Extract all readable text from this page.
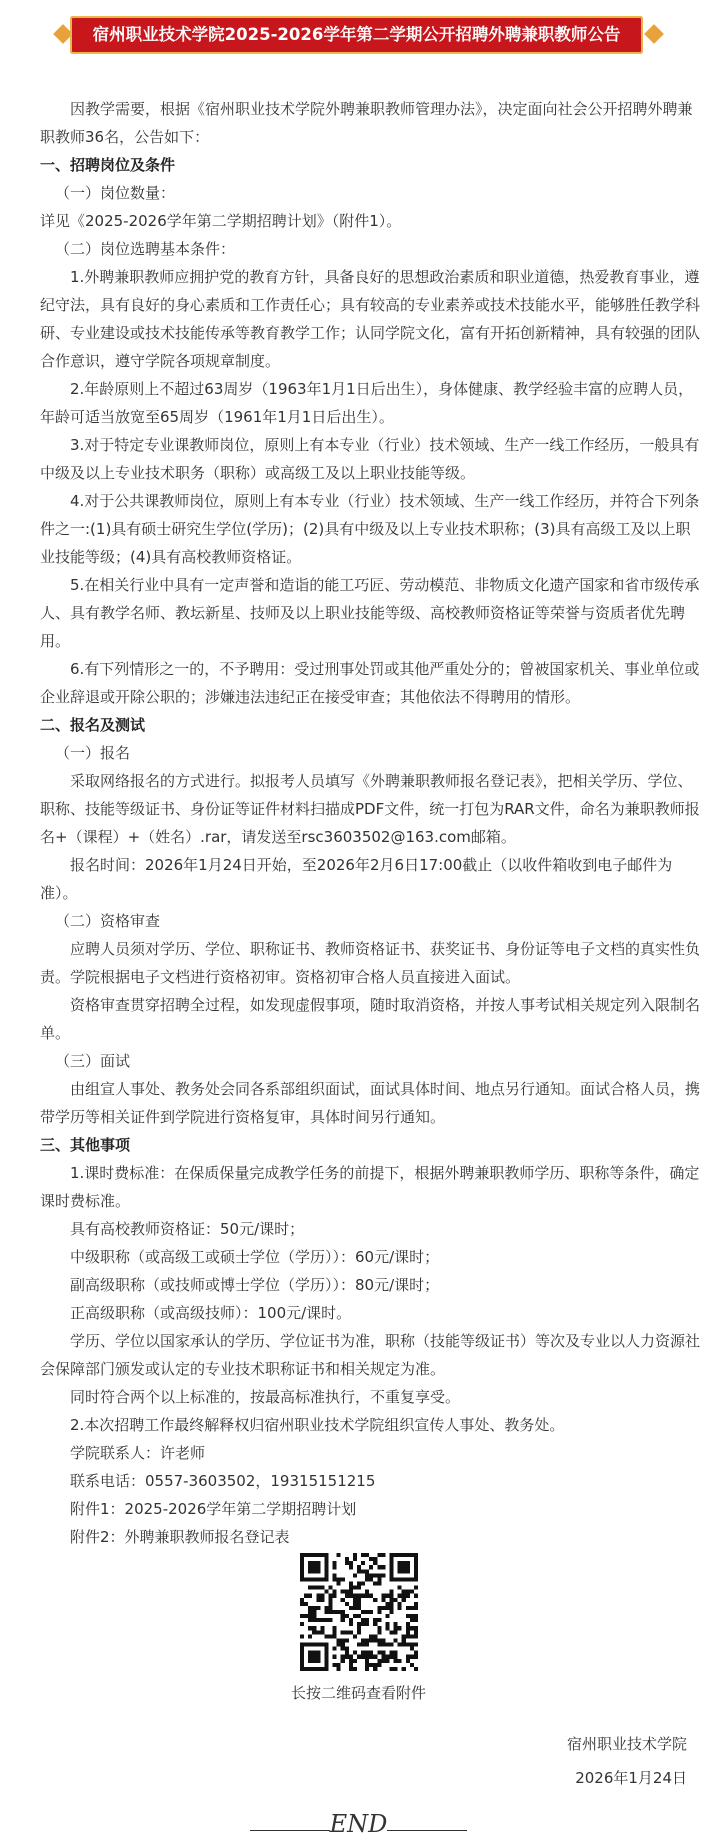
宿州职业技术学院2025-2026学年第二学期公开招聘外聘兼职教师公告

因教学需要，根据《宿州职业技术学院外聘兼职教师管理办法》，决定面向社会公开招聘外聘兼职教师36名，公告如下：

一、招聘岗位及条件

（一）岗位数量：

详见《2025-2026学年第二学期招聘计划》（附件1）。

（二）岗位选聘基本条件：

1.外聘兼职教师应拥护党的教育方针，具备良好的思想政治素质和职业道德，热爱教育事业，遵纪守法，具有良好的身心素质和工作责任心；具有较高的专业素养或技术技能水平，能够胜任教学科研、专业建设或技术技能传承等教育教学工作；认同学院文化，富有开拓创新精神，具有较强的团队合作意识，遵守学院各项规章制度。

2.年龄原则上不超过63周岁（1963年1月1日后出生），身体健康、教学经验丰富的应聘人员，年龄可适当放宽至65周岁（1961年1月1日后出生）。

3.对于特定专业课教师岗位，原则上有本专业（行业）技术领域、生产一线工作经历，一般具有中级及以上专业技术职务（职称）或高级工及以上职业技能等级。

4.对于公共课教师岗位，原则上有本专业（行业）技术领域、生产一线工作经历，并符合下列条件之一:(1)具有硕士研究生学位(学历)；(2)具有中级及以上专业技术职称；(3)具有高级工及以上职业技能等级；(4)具有高校教师资格证。

5.在相关行业中具有一定声誉和造诣的能工巧匠、劳动模范、非物质文化遗产国家和省市级传承人、具有教学名师、教坛新星、技师及以上职业技能等级、高校教师资格证等荣誉与资质者优先聘用。

6.有下列情形之一的，不予聘用：受过刑事处罚或其他严重处分的；曾被国家机关、事业单位或企业辞退或开除公职的；涉嫌违法违纪正在接受审查；其他依法不得聘用的情形。

二、报名及测试

（一）报名

采取网络报名的方式进行。拟报考人员填写《外聘兼职教师报名登记表》，把相关学历、学位、职称、技能等级证书、身份证等证件材料扫描成PDF文件，统一打包为RAR文件，命名为兼职教师报名+（课程）+（姓名）.rar，请发送至rsc3603502@163.com邮箱。

报名时间：2026年1月24日开始，至2026年2月6日17:00截止（以收件箱收到电子邮件为准）。

（二）资格审查

应聘人员须对学历、学位、职称证书、教师资格证书、获奖证书、身份证等电子文档的真实性负责。学院根据电子文档进行资格初审。资格初审合格人员直接进入面试。

资格审查贯穿招聘全过程，如发现虚假事项，随时取消资格，并按人事考试相关规定列入限制名单。

（三）面试

由组宣人事处、教务处会同各系部组织面试，面试具体时间、地点另行通知。面试合格人员，携带学历等相关证件到学院进行资格复审，具体时间另行通知。

三、其他事项

1.课时费标准：在保质保量完成教学任务的前提下，根据外聘兼职教师学历、职称等条件，确定课时费标准。

具有高校教师资格证：50元/课时；

中级职称（或高级工或硕士学位（学历））：60元/课时；

副高级职称（或技师或博士学位（学历））：80元/课时；

正高级职称（或高级技师）：100元/课时。

学历、学位以国家承认的学历、学位证书为准，职称（技能等级证书）等次及专业以人力资源社会保障部门颁发或认定的专业技术职称证书和相关规定为准。

同时符合两个以上标准的，按最高标准执行，不重复享受。

2.本次招聘工作最终解释权归宿州职业技术学院组织宣传人事处、教务处。

学院联系人：许老师

联系电话：0557-3603502，19315151215

附件1：2025-2026学年第二学期招聘计划

附件2：外聘兼职教师报名登记表

长按二维码查看附件
宿州职业技术学院
2026年1月24日
END
